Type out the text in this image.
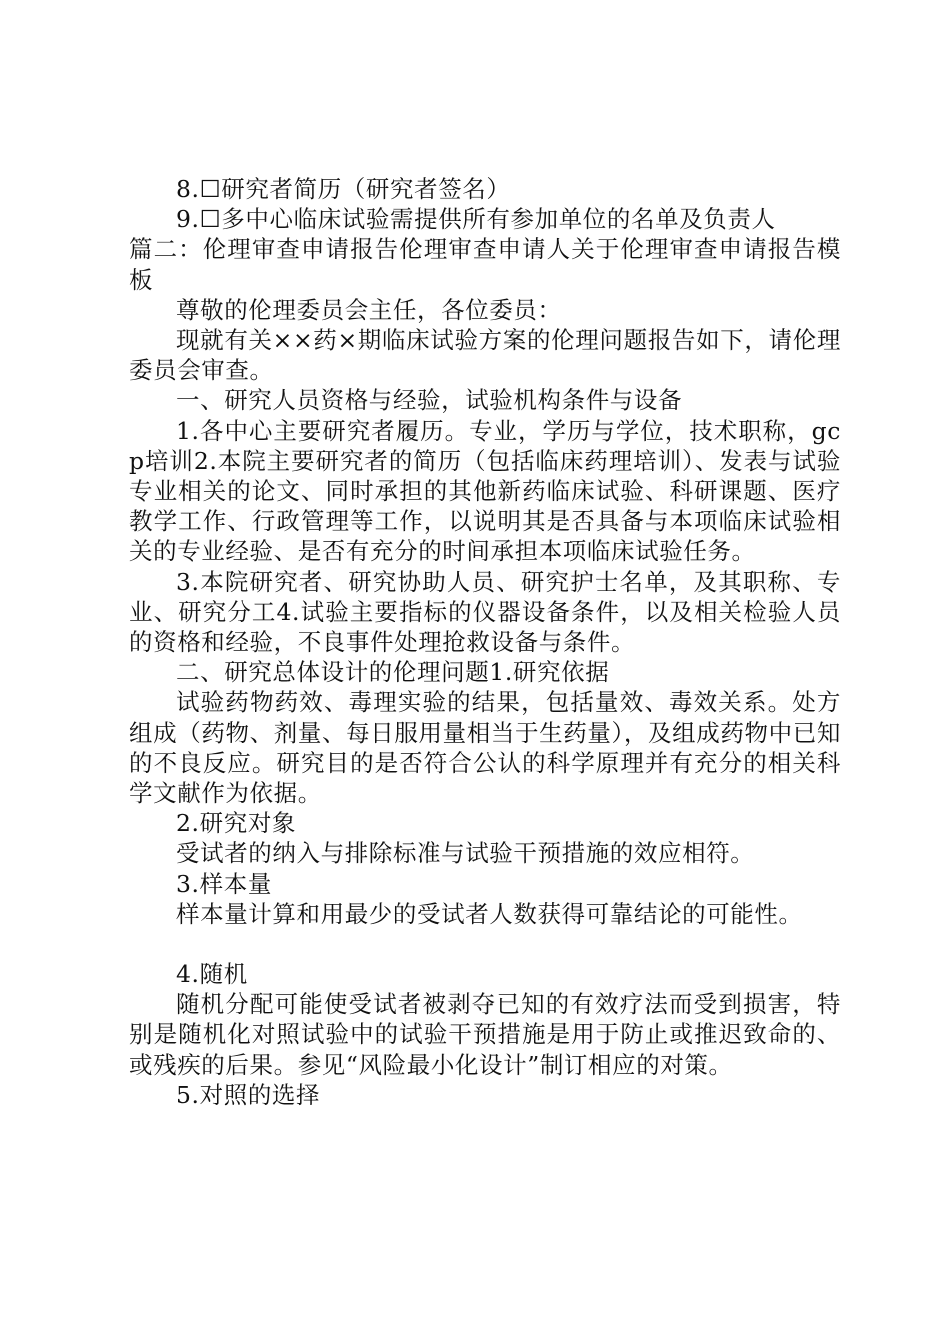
8.☐研究者简历（研究者签名）

9.☐多中心临床试验需提供所有参加单位的名单及负责人

篇二：伦理审查申请报告伦理审查申请人关于伦理审查申请报告模板

尊敬的伦理委员会主任，各位委员：

现就有关××药×期临床试验方案的伦理问题报告如下，请伦理委员会审查。

一、研究人员资格与经验，试验机构条件与设备

1.各中心主要研究者履历。专业，学历与学位，技术职称，gcp培训2.本院主要研究者的简历（包括临床药理培训）、发表与试验专业相关的论文、同时承担的其他新药临床试验、科研课题、医疗教学工作、行政管理等工作，以说明其是否具备与本项临床试验相关的专业经验、是否有充分的时间承担本项临床试验任务。

3.本院研究者、研究协助人员、研究护士名单，及其职称、专业、研究分工4.试验主要指标的仪器设备条件，以及相关检验人员的资格和经验，不良事件处理抢救设备与条件。

二、研究总体设计的伦理问题1.研究依据

试验药物药效、毒理实验的结果，包括量效、毒效关系。处方组成（药物、剂量、每日服用量相当于生药量），及组成药物中已知的不良反应。研究目的是否符合公认的科学原理并有充分的相关科学文献作为依据。

2.研究对象

受试者的纳入与排除标准与试验干预措施的效应相符。

3.样本量

样本量计算和用最少的受试者人数获得可靠结论的可能性。

4.随机

随机分配可能使受试者被剥夺已知的有效疗法而受到损害，特别是随机化对照试验中的试验干预措施是用于防止或推迟致命的、或残疾的后果。参见“风险最小化设计”制订相应的对策。

5.对照的选择
